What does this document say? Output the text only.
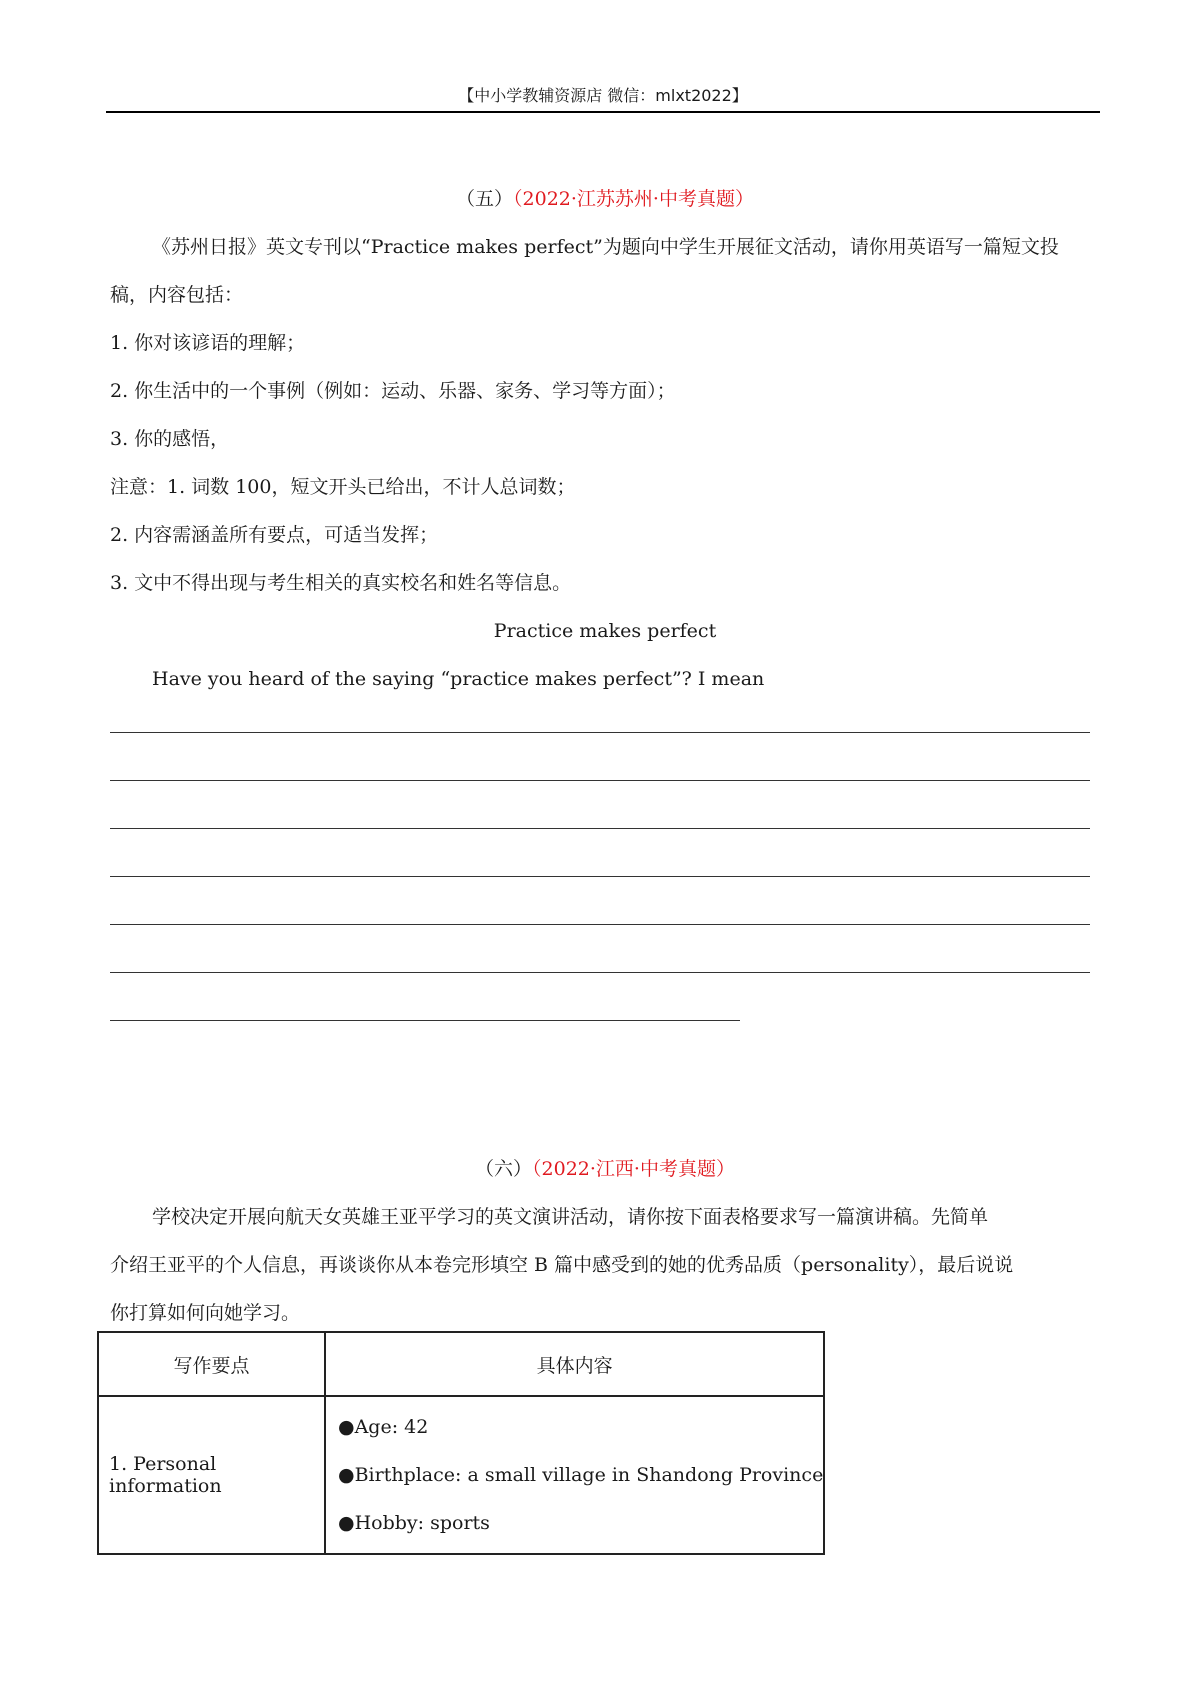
【中小学教辅资源店 微信：mlxt2022】
（五）（2022·江苏苏州·中考真题）
《苏州日报》英文专刊以“Practice makes perfect”为题向中学生开展征文活动，请你用英语写一篇短文投
稿，内容包括：
1. 你对该谚语的理解；
2. 你生活中的一个事例（例如：运动、乐器、家务、学习等方面）；
3. 你的感悟，
注意：1. 词数 100，短文开头已给出，不计人总词数；
2. 内容需涵盖所有要点，可适当发挥；
3. 文中不得出现与考生相关的真实校名和姓名等信息。
Practice makes perfect
Have you heard of the saying “practice makes perfect”? I mean
（六）（2022·江西·中考真题）
学校决定开展向航天女英雄王亚平学习的英文演讲活动，请你按下面表格要求写一篇演讲稿。先简单
介绍王亚平的个人信息，再谈谈你从本卷完形填空 B 篇中感受到的她的优秀品质（personality），最后说说
你打算如何向她学习。
写作要点	具体内容
1. Personal information	●Age: 42
●Birthplace: a small village in Shandong Province
●Hobby: sports
